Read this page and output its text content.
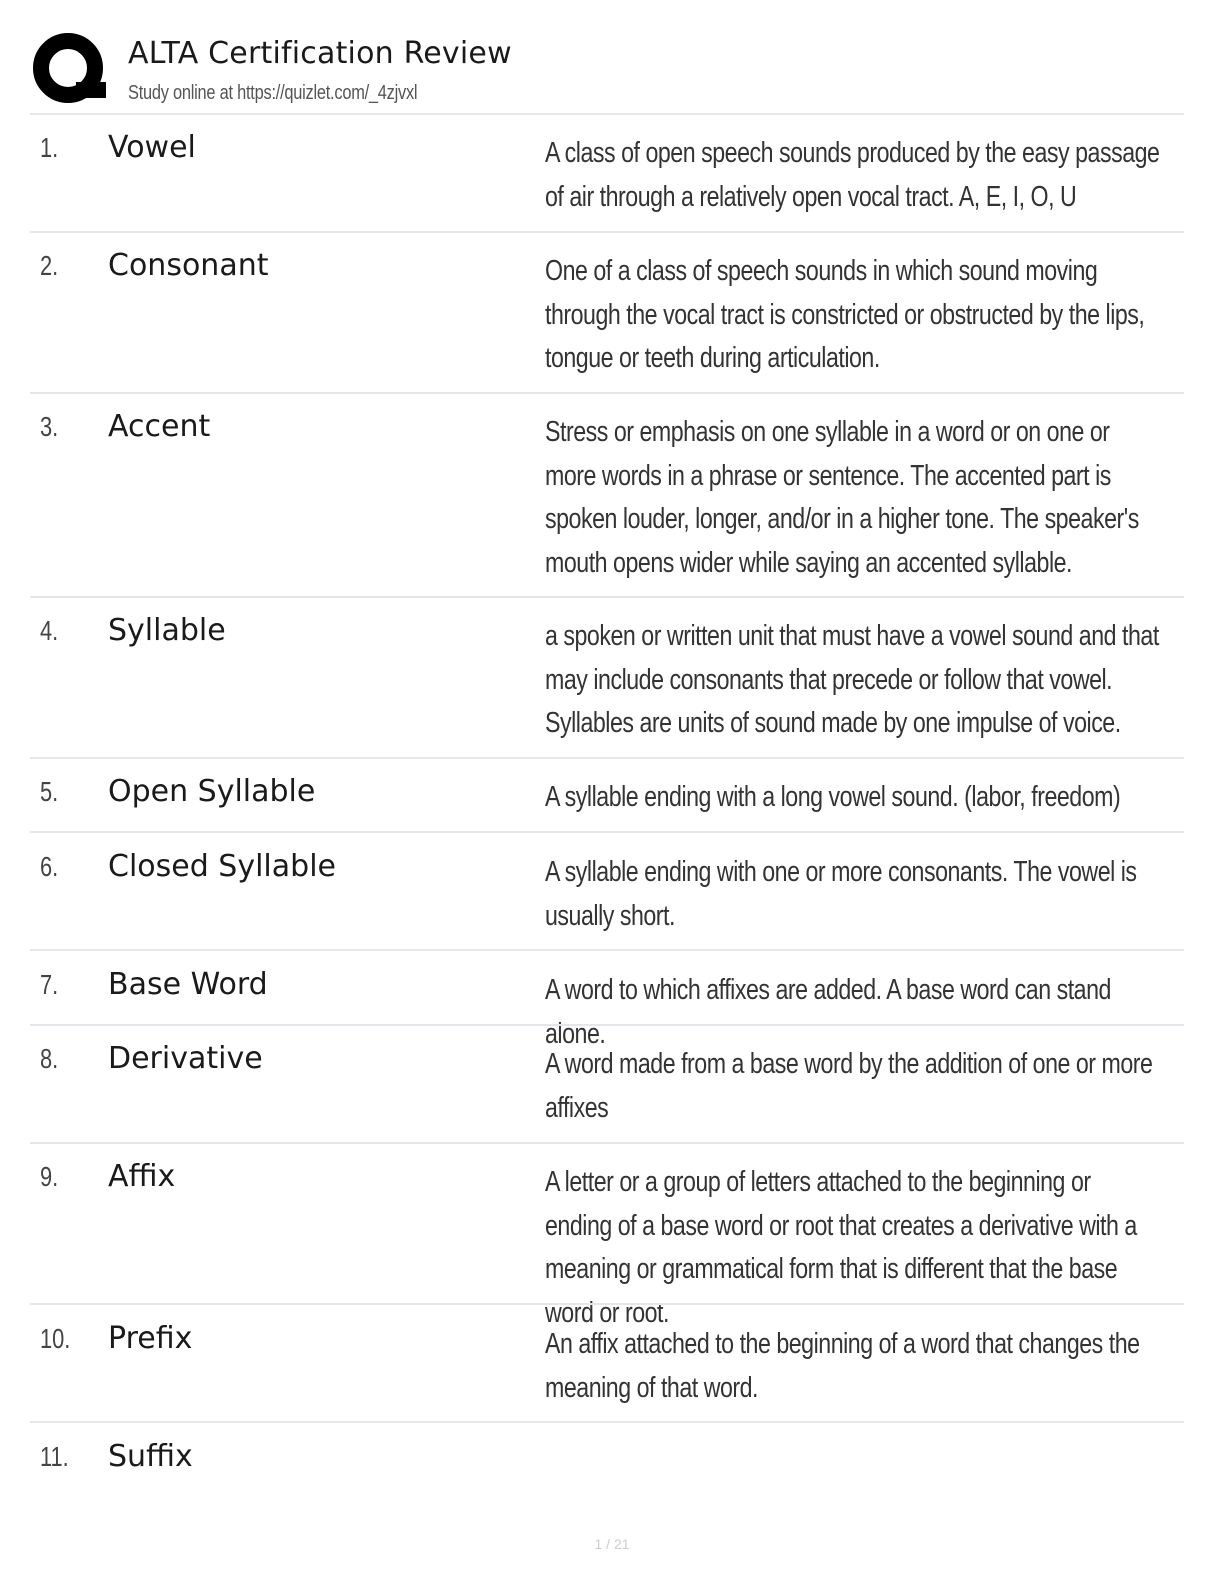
ALTA Certification Review
Study online at https://quizlet.com/_4zjvxl
1. Vowel	A class of open speech sounds produced by the easy passage of air through a relatively open vocal tract. A, E, I, O, U
2. Consonant	One of a class of speech sounds in which sound moving through the vocal tract is constricted or obstructed by the lips, tongue or teeth during articulation.
3. Accent	Stress or emphasis on one syllable in a word or on one or more words in a phrase or sentence. The accented part is spoken louder, longer, and/or in a higher tone. The speaker's mouth opens wider while saying an accented syllable.
4. Syllable	a spoken or written unit that must have a vowel sound and that may include consonants that precede or follow that vowel. Syllables are units of sound made by one impulse of voice.
5. Open Syllable	A syllable ending with a long vowel sound. (labor, freedom)
6. Closed Syllable	A syllable ending with one or more consonants. The vowel is usually short.
7. Base Word	A word to which affixes are added. A base word can stand alone.
8. Derivative	A word made from a base word by the addition of one or more affixes
9. Affix	A letter or a group of letters attached to the beginning or ending of a base word or root that creates a derivative with a meaning or grammatical form that is different that the base word or root.
10. Prefix	An affix attached to the beginning of a word that changes the meaning of that word.
11. Suffix
1 / 21
